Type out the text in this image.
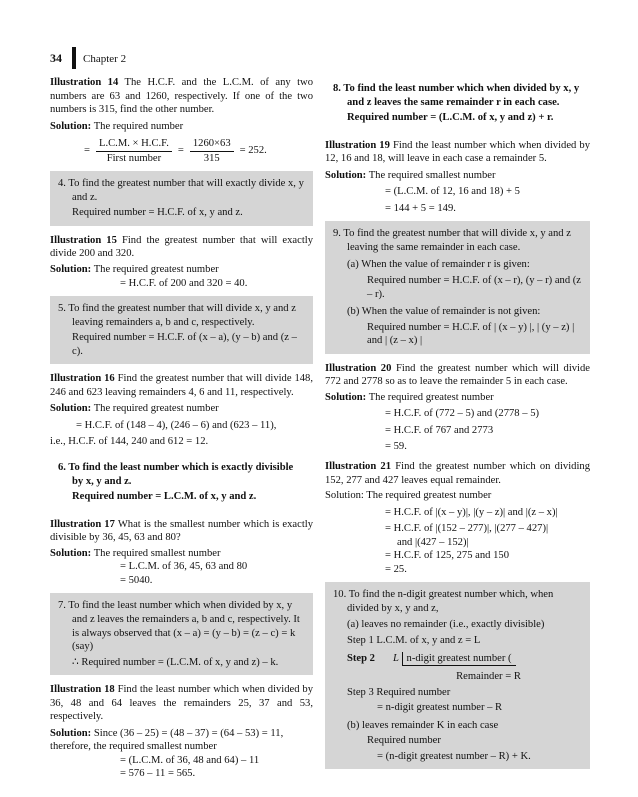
34 Chapter 2

Illustration 14 The H.C.F. and the L.C.M. of any two numbers are 63 and 1260, respectively. If one of the two numbers is 315, find the other number.

Solution: The required number

= $\frac{L.C.M. \times H.C.F.}{\text{First number}} = \frac{1260\times 63}{315} = 252$.

4. To find the greatest number that will exactly divide x, y and z.

Required number = H.C.F. of x, y and z.

Illustration 15 Find the greatest number that will exactly divide 200 and 320.

Solution: The required greatest number

= H.C.F. of 200 and 320 = 40.

5. To find the greatest number that will divide x, y and z leaving remainders a, b and c, respectively.

Required number = H.C.F. of (x – a), (y – b) and (z – c).

Illustration 16 Find the greatest number that will divide 148, 246 and 623 leaving remainders 4, 6 and 11, respectively.

Solution: The required greatest number

= H.C.F. of (148 – 4), (246 – 6) and (623 – 11),

i.e., H.C.F. of 144, 240 and 612 = 12.

6. To find the least number which is exactly divisible by x, y and z.

Required number = L.C.M. of x, y and z.

Illustration 17 What is the smallest number which is exactly divisible by 36, 45, 63 and 80?

Solution: The required smallest number

= L.C.M. of 36, 45, 63 and 80

= 5040.

7. To find the least number which when divided by x, y and z leaves the remainders a, b and c, respectively. It is always observed that (x – a) = (y – b) = (z – c) = k (say)

∴ Required number = (L.C.M. of x, y and z) – k.

Illustration 18 Find the least number which when divided by 36, 48 and 64 leaves the remainders 25, 37 and 53, respectively.

Solution: Since (36 – 25) = (48 – 37) = (64 – 53) = 11, therefore, the required smallest number

= (L.C.M. of 36, 48 and 64) – 11

= 576 – 11 = 565.

8. To find the least number which when divided by x, y and z leaves the same remainder r in each case.

Required number = (L.C.M. of x, y and z) + r.

Illustration 19 Find the least number which when divided by 12, 16 and 18, will leave in each case a remainder 5.

Solution: The required smallest number

= (L.C.M. of 12, 16 and 18) + 5

= 144 + 5 = 149.

9. To find the greatest number that will divide x, y and z leaving the same remainder in each case.

(a) When the value of remainder r is given:

Required number = H.C.F. of (x – r), (y – r) and (z – r).

(b) When the value of remainder is not given:

Required number = H.C.F. of | (x – y) |, | (y – z) | and | (z – x) |

Illustration 20 Find the greatest number which will divide 772 and 2778 so as to leave the remainder 5 in each case.

Solution: The required greatest number

= H.C.F. of (772 – 5) and (2778 – 5)

= H.C.F. of 767 and 2773

= 59.

Illustration 21 Find the greatest number which on dividing 152, 277 and 427 leaves equal remainder.

Solution: The required greatest number

= H.C.F. of |(x – y)|, |(y – z)| and |(z – x)|

= H.C.F. of |(152 – 277)|, |(277 – 427)|

and |(427 – 152)|

= H.C.F. of 125, 275 and 150

= 25.

10. To find the n-digit greatest number which, when divided by x, y and z,

(a) leaves no remainder (i.e., exactly divisible)

Step 1 L.C.M. of x, y and z = L

Step 2 L n-digit greatest number (

Remainder = R

Step 3 Required number

= n-digit greatest number – R

(b) leaves remainder K in each case

Required number

= (n-digit greatest number – R) + K.
